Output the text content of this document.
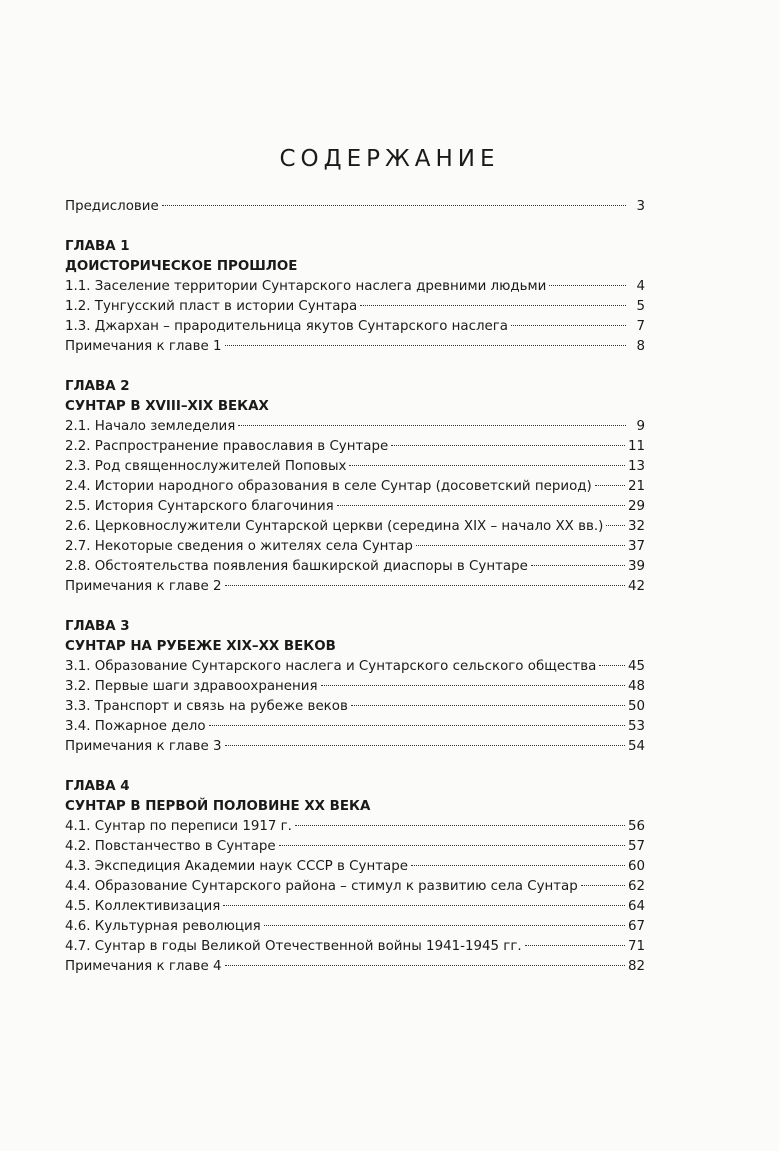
СОДЕРЖАНИЕ
Предисловие	3
ГЛАВА 1
ДОИСТОРИЧЕСКОЕ ПРОШЛОЕ
1.1. Заселение территории Сунтарского наслега древними людьми	4
1.2. Тунгусский пласт в истории Сунтара	5
1.3. Джархан – прародительница якутов Сунтарского наслега	7
Примечания к главе 1	8
ГЛАВА 2
СУНТАР В XVIII–XIX ВЕКАХ
2.1. Начало земледелия	9
2.2. Распространение православия в Сунтаре	11
2.3. Род священнослужителей Поповых	13
2.4. Истории народного образования в селе Сунтар (досоветский период)	21
2.5. История Сунтарского благочиния	29
2.6. Церковнослужители Сунтарской церкви (середина XIX – начало XX вв.) 32
2.7. Некоторые сведения о жителях села Сунтар	37
2.8. Обстоятельства появления башкирской диаспоры в Сунтаре	39
Примечания к главе 2	42
ГЛАВА 3
СУНТАР НА РУБЕЖЕ XIX–XX ВЕКОВ
3.1. Образование Сунтарского наслега и Сунтарского сельского общества 45
3.2. Первые шаги здравоохранения	48
3.3. Транспорт и связь на рубеже веков	50
3.4. Пожарное дело	53
Примечания к главе 3	54
ГЛАВА 4
СУНТАР В ПЕРВОЙ ПОЛОВИНЕ XX ВЕКА
4.1. Сунтар по переписи 1917 г.	56
4.2. Повстанчество в Сунтаре	57
4.3. Экспедиция Академии наук СССР в Сунтаре	60
4.4. Образование Сунтарского района – стимул к развитию села Сунтар	62
4.5. Коллективизация	64
4.6. Культурная революция	67
4.7. Сунтар в годы Великой Отечественной войны 1941-1945 гг.	71
Примечания к главе 4	82
